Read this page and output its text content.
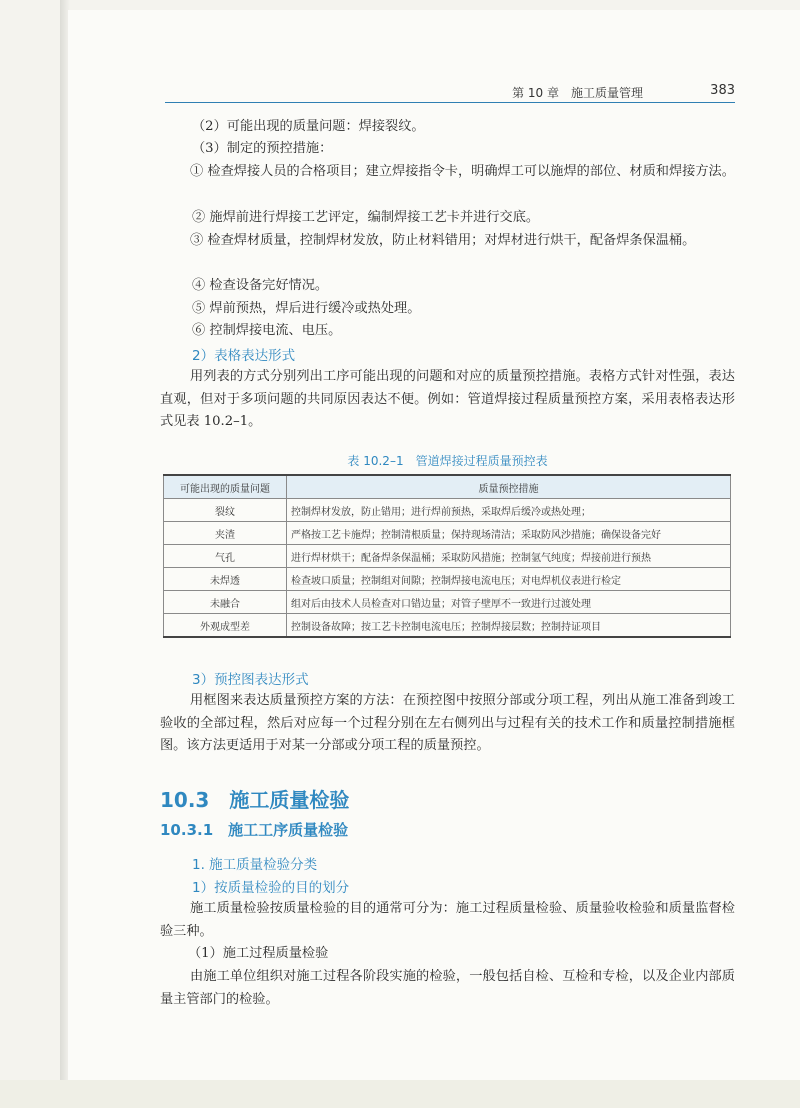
第 10 章　施工质量管理	383
（2）可能出现的质量问题：焊接裂纹。
（3）制定的预控措施：
① 检查焊接人员的合格项目；建立焊接指令卡，明确焊工可以施焊的部位、材质和焊接方法。
② 施焊前进行焊接工艺评定，编制焊接工艺卡并进行交底。
③ 检查焊材质量，控制焊材发放，防止材料错用；对焊材进行烘干，配备焊条保温桶。
④ 检查设备完好情况。
⑤ 焊前预热，焊后进行缓冷或热处理。
⑥ 控制焊接电流、电压。
2）表格表达形式
用列表的方式分别列出工序可能出现的问题和对应的质量预控措施。表格方式针对性强，表达直观，但对于多项问题的共同原因表达不便。例如：管道焊接过程质量预控方案，采用表格表达形式见表 10.2–1。
表 10.2–1　管道焊接过程质量预控表
可能出现的质量问题	质量预控措施
裂纹	控制焊材发放，防止错用；进行焊前预热，采取焊后缓冷或热处理；
夹渣	严格按工艺卡施焊；控制清根质量；保持现场清洁；采取防风沙措施；确保设备完好
气孔	进行焊材烘干；配备焊条保温桶；采取防风措施；控制氩气纯度；焊接前进行预热
未焊透	检查坡口质量；控制组对间隙；控制焊接电流电压；对电焊机仪表进行检定
未融合	组对后由技术人员检查对口错边量；对管子壁厚不一致进行过渡处理
外观成型差	控制设备故障；按工艺卡控制电流电压；控制焊接层数；控制持证项目
3）预控图表达形式
用框图来表达质量预控方案的方法：在预控图中按照分部或分项工程，列出从施工准备到竣工验收的全部过程，然后对应每一个过程分别在左右侧列出与过程有关的技术工作和质量控制措施框图。该方法更适用于对某一分部或分项工程的质量预控。
10.3　施工质量检验
10.3.1　施工工序质量检验
1. 施工质量检验分类
1）按质量检验的目的划分
施工质量检验按质量检验的目的通常可分为：施工过程质量检验、质量验收检验和质量监督检验三种。
（1）施工过程质量检验
由施工单位组织对施工过程各阶段实施的检验，一般包括自检、互检和专检，以及企业内部质量主管部门的检验。
